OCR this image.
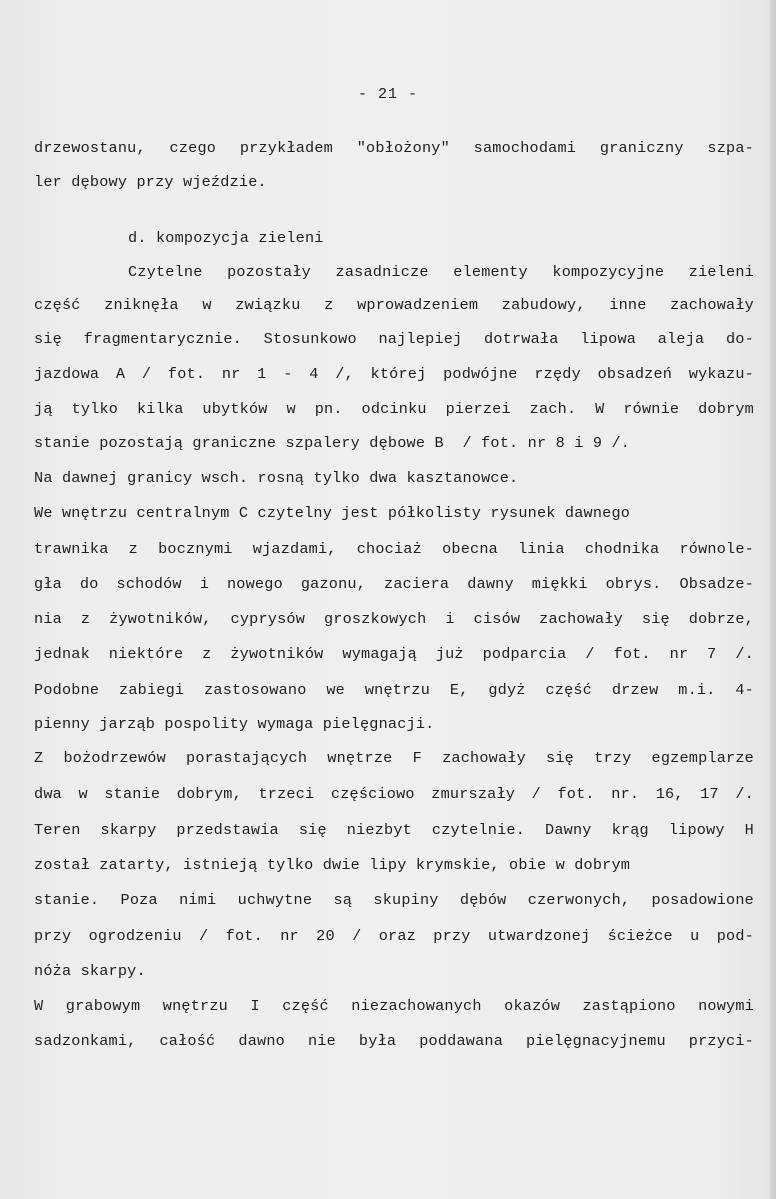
- 21 -
drzewostanu, czego przykładem "obłożony" samochodami graniczny szpa-
ler dębowy przy wjeździe.
d. kompozycja zieleni
Czytelne pozostały zasadnicze elementy kompozycyjne zieleni
część zniknęła w związku z wprowadzeniem zabudowy, inne zachowały
się fragmentarycznie. Stosunkowo najlepiej dotrwała lipowa aleja do-
jazdowa A / fot. nr 1 - 4 /, której podwójne rzędy obsadzeń wykazu-
ją tylko kilka ubytków w pn. odcinku pierzei zach. W równie dobrym
stanie pozostają graniczne szpalery dębowe B  / fot. nr 8 i 9 /.
Na dawnej granicy wsch. rosną tylko dwa kasztanowce.
We wnętrzu centralnym C czytelny jest półkolisty rysunek dawnego
trawnika z bocznymi wjazdami, chociaż obecna linia chodnika równole-
gła do schodów i nowego gazonu, zaciera dawny miękki obrys. Obsadze-
nia z żywotników, cyprysów groszkowych i cisów zachowały się dobrze,
jednak niektóre z żywotników wymagają już podparcia / fot. nr 7 /.
Podobne zabiegi zastosowano we wnętrzu E, gdyż część drzew m.i. 4-
pienny jarząb pospolity wymaga pielęgnacji.
Z bożodrzewów porastających wnętrze F zachowały się trzy egzemplarze
dwa w stanie dobrym, trzeci częściowo zmurszały / fot. nr. 16, 17 /.
Teren skarpy przedstawia się niezbyt czytelnie. Dawny krąg lipowy H
został zatarty, istnieją tylko dwie lipy krymskie, obie w dobrym
stanie. Poza nimi uchwytne są skupiny dębów czerwonych, posadowione
przy ogrodzeniu / fot. nr 20 / oraz przy utwardzonej ścieżce u pod-
nóża skarpy.
W grabowym wnętrzu I część niezachowanych okazów zastąpiono nowymi
sadzonkami, całość dawno nie była poddawana pielęgnacyjnemu przyci-
